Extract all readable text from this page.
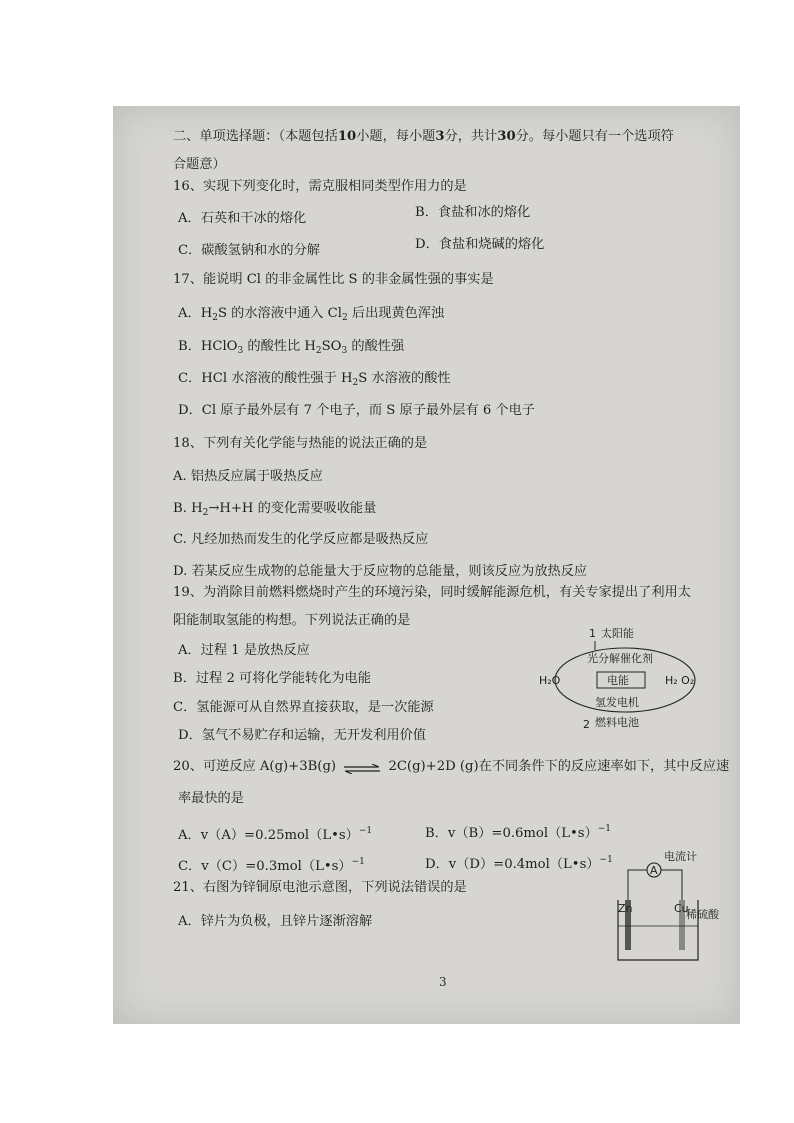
二、单项选择题：（本题包括10小题，每小题3分，共计30分。每小题只有一个选项符
合题意）
16、实现下列变化时，需克服相同类型作用力的是
A．石英和干冰的熔化	B．食盐和冰的熔化
C．碳酸氢钠和水的分解	D．食盐和烧碱的熔化
17、能说明 Cl 的非金属性比 S 的非金属性强的事实是
A．$H_2S$ 的水溶液中通入 $Cl_2$ 后出现黄色浑浊
B．HClO$_3$ 的酸性比 $H_2SO_3$ 的酸性强
C．HCl 水溶液的酸性强于 $H_2S$ 水溶液的酸性
D．Cl 原子最外层有 7 个电子，而 S 原子最外层有 6 个电子
18、下列有关化学能与热能的说法正确的是
A. 铝热反应属于吸热反应
B. $H_2\to H+H$ 的变化需要吸收能量
C. 凡经加热而发生的化学反应都是吸热反应
D. 若某反应生成物的总能量大于反应物的总能量，则该反应为放热反应
19、为消除目前燃料燃烧时产生的环境污染，同时缓解能源危机，有关专家提出了利用太
阳能制取氢能的构想。下列说法正确的是
A．过程 1 是放热反应
B．过程 2 可将化学能转化为电能
C．氢能源可从自然界直接获取，是一次能源
D．氢气不易贮存和运输，无开发利用价值
1 太阳能
光分解催化剂
H₂O	电能	H₂ O₂
氢发电机
2 燃料电池
20、可逆反应 A(g)+3B(g) ⇌ 2C(g)+2D (g)在不同条件下的反应速率如下，其中反应速
率最快的是
A．v（A）=0.25mol（L•s）$^{-1}$	B．v（B）=0.6mol（L•s）$^{-1}$
C．v（C）=0.3mol（L•s）$^{-1}$	D．v（D）=0.4mol（L•s）$^{-1}$
21、右图为锌铜原电池示意图，下列说法错误的是
A．锌片为负极，且锌片逐渐溶解
电流计
A
Zn	Cu
稀硫酸
3
